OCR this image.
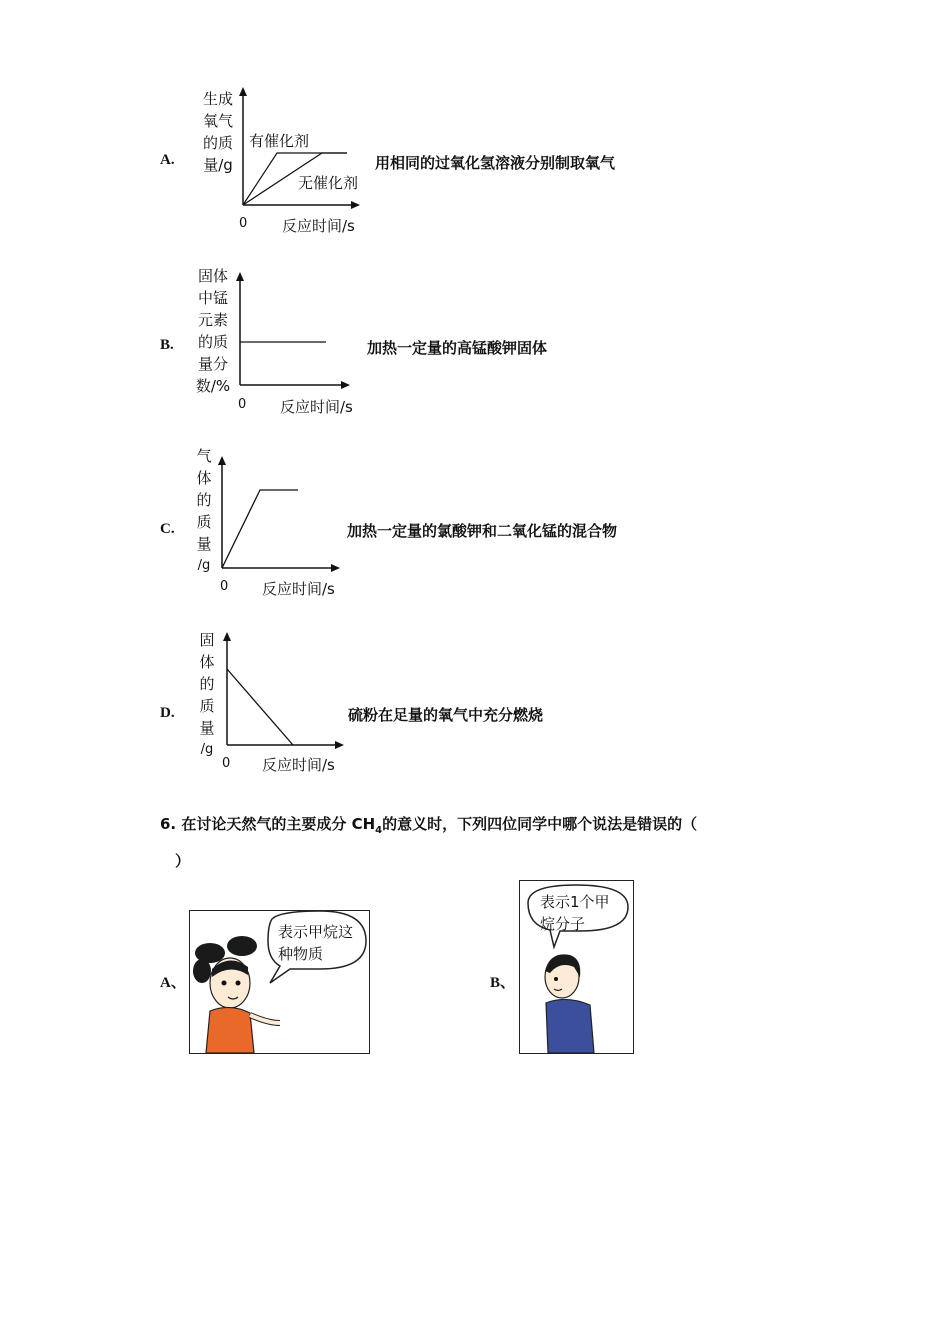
A.
生成
氧气
的质
量/g
有催化剂
无催化剂
0 反应时间/s
用相同的过氧化氢溶液分别制取氧气
B.
固体
中锰
元素
的质
量分
数/%
0 反应时间/s
加热一定量的高锰酸钾固体
C.
气
体
的
质
量
/g
0 反应时间/s
加热一定量的氯酸钾和二氧化锰的混合物
D.
固
体
的
质
量
/g
0 反应时间/s
硫粉在足量的氧气中充分燃烧
6. 在讨论天然气的主要成分 $CH_4$的意义时，下列四位同学中哪个说法是错误的（
）
A、
表示甲烷这
种物质
B、
表示1个甲
烷分子
